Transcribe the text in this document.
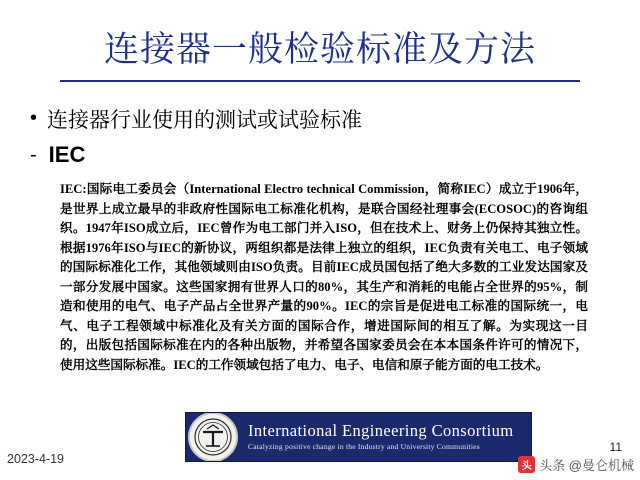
连接器一般检验标准及方法
• 连接器行业使用的测试或试验标准
- IEC
IEC:国际电工委员会（International Electro technical Commission，简称IEC）成立于1906年，是世界上成立最早的非政府性国际电工标准化机构，是联合国经社理事会(ECOSOC)的咨询组织。1947年ISO成立后，IEC曾作为电工部门并入ISO，但在技术上、财务上仍保持其独立性。根据1976年ISO与IEC的新协议，两组织都是法律上独立的组织，IEC负责有关电工、电子领域的国际标准化工作，其他领域则由ISO负责。目前IEC成员国包括了绝大多数的工业发达国家及一部分发展中国家。这些国家拥有世界人口的80%，其生产和消耗的电能占全世界的95%，制造和使用的电气、电子产品占全世界产量的90%。IEC的宗旨是促进电工标准的国际统一，电气、电子工程领域中标准化及有关方面的国际合作，增进国际间的相互了解。为实现这一目的，出版包括国际标准在内的各种出版物，并希望各国家委员会在本本国条件许可的情况下，使用这些国际标准。IEC的工作领域包括了电力、电子、电信和原子能方面的电工技术。
International Engineering Consortium
Catalyzing positive change in the Industry and University Communities
2023-4-19
11
头 头条 @曼仑机械
